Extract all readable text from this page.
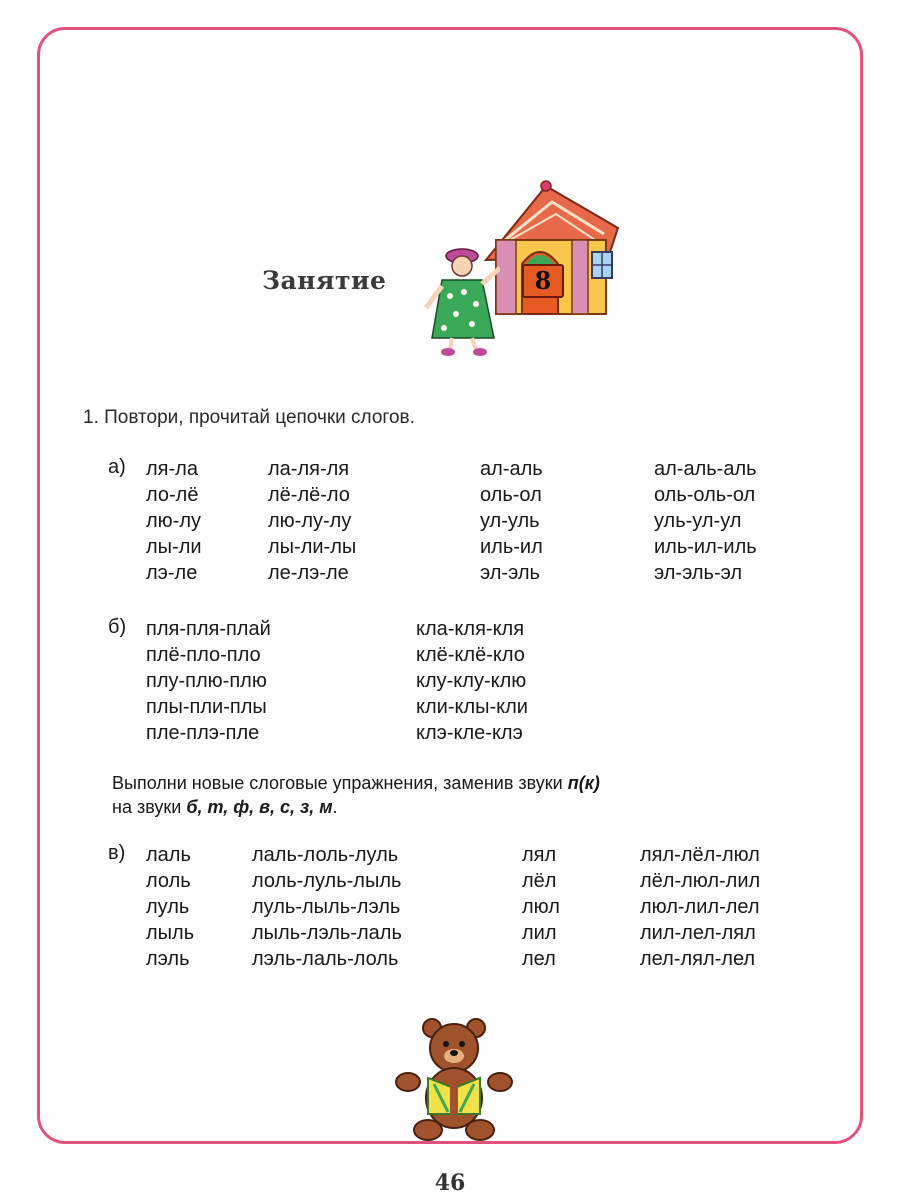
8
Занятие
1. Повтори, прочитай цепочки слогов.
а) ля-ла
ло-лё
лю-лу
лы-ли
лэ-ле
ла-ля-ля
лё-лё-ло
лю-лу-лу
лы-ли-лы
ле-лэ-ле
ал-аль
оль-ол
ул-уль
иль-ил
эл-эль
ал-аль-аль
оль-оль-ол
уль-ул-ул
иль-ил-иль
эл-эль-эл
б) пля-пля-плай
плё-пло-пло
плу-плю-плю
плы-пли-плы
пле-плэ-пле
кла-кля-кля
клё-клё-кло
клу-клу-клю
кли-клы-кли
клэ-кле-клэ
Выполни новые слоговые упражнения, заменив звуки п(к)
на звуки б, т, ф, в, с, з, м.
в) лаль
лоль
луль
лыль
лэль
лаль-лоль-луль
лоль-луль-лыль
луль-лыль-лэль
лыль-лэль-лаль
лэль-лаль-лоль
лял
лёл
люл
лил
лел
лял-лёл-люл
лёл-люл-лил
люл-лил-лел
лил-лел-лял
лел-лял-лел
46
